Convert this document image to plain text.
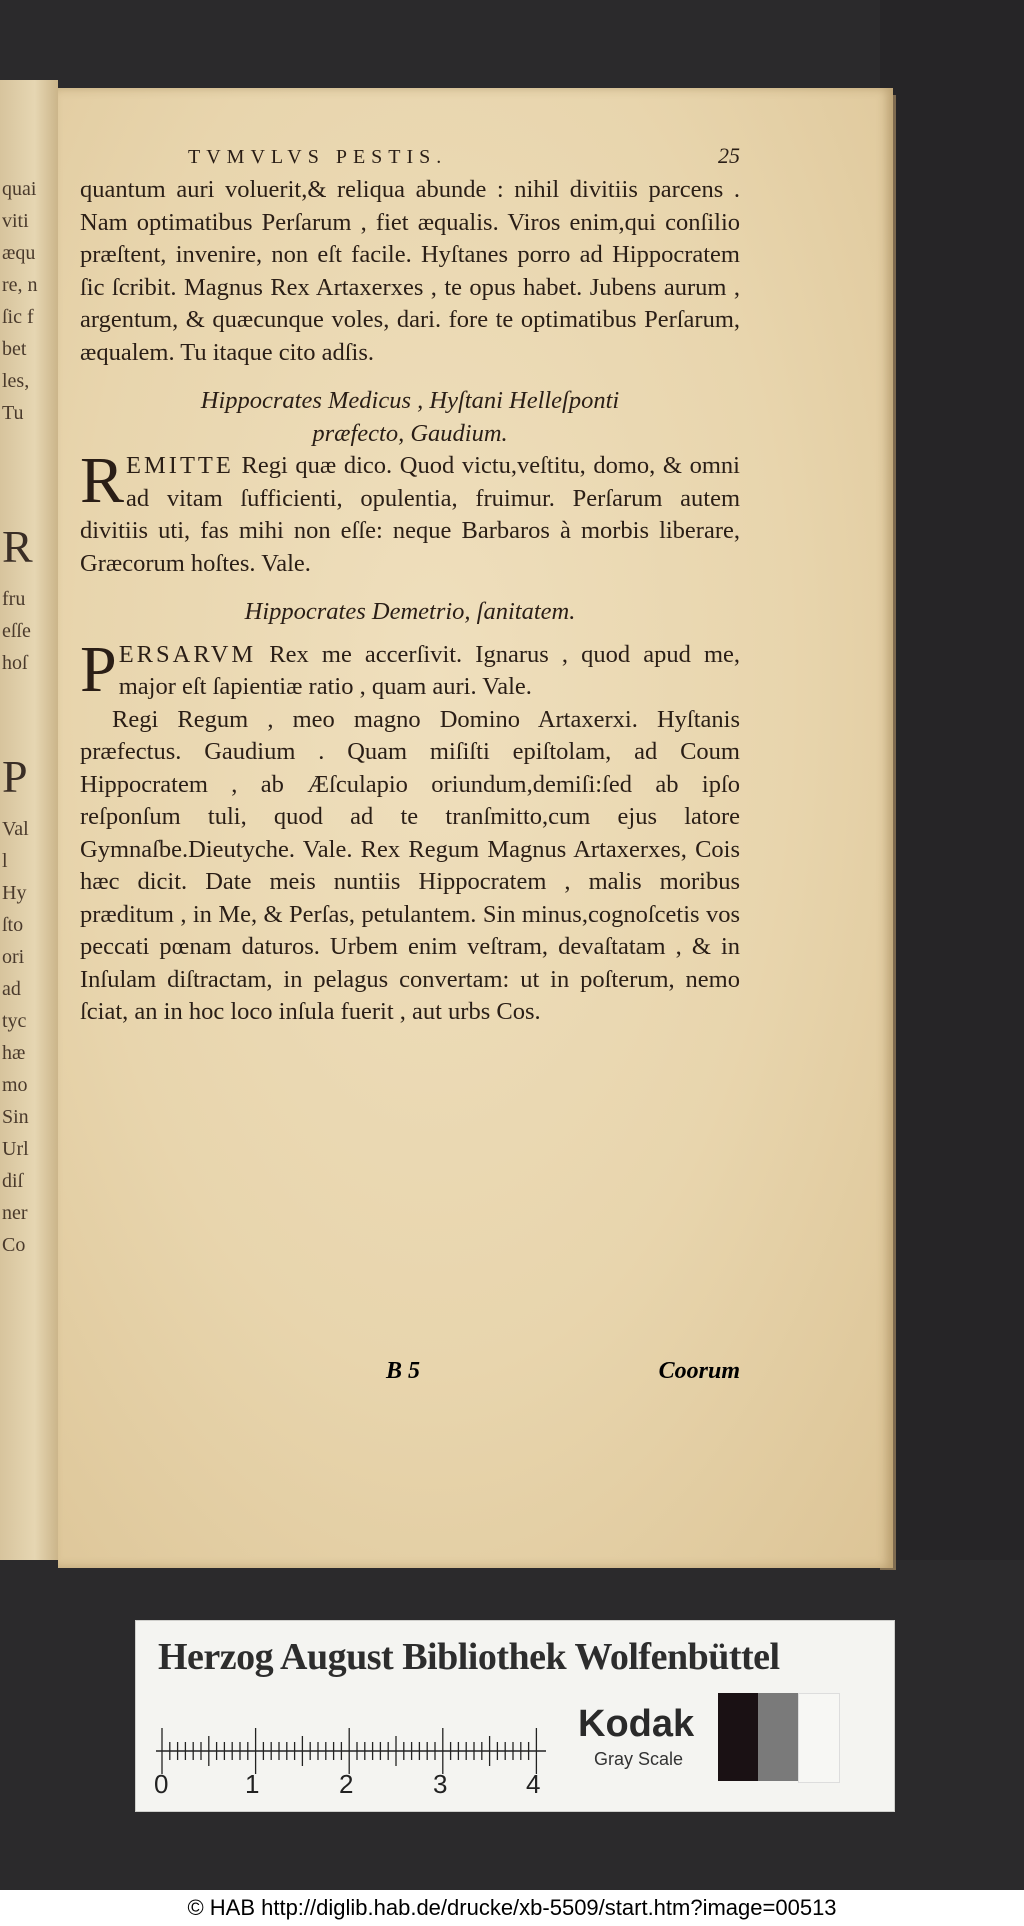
quai
viti
æqu
re, n
ſic f
bet
les,
Tu
R
fru
eſſe
hoſ
P
Val
l
Hy
ſto
ori
ad
tyc
hæ
mo
Sin
Url
diſ
ner
Co
TVMVLVS PESTIS.	25

quantum auri voluerit,& reliqua abunde : nihil divitiis parcens . Nam optimatibus Perſarum , fiet æqualis. Viros enim,qui conſilio præſtent, invenire, non eſt facile. Hyſtanes porro ad Hippocratem ſic ſcribit. Magnus Rex Artaxerxes , te opus habet. Jubens aurum , argentum, & quæcunque voles, dari. fore te optimatibus Perſarum, æqualem. Tu itaque cito adſis.

Hippocrates Medicus , Hyſtani Helleſponti
præfecto, Gaudium.

REMITTE Regi quæ dico. Quod victu,veſtitu, domo, & omni ad vitam ſufficienti, opulentia, fruimur. Perſarum autem divitiis uti, fas mihi non eſſe: neque Barbaros à morbis liberare, Græcorum hoſtes. Vale.

Hippocrates Demetrio, ſanitatem.

PERSARVM Rex me accerſivit. Ignarus , quod apud me, major eſt ſapientiæ ratio , quam auri. Vale.

Regi Regum , meo magno Domino Artaxerxi. Hyſtanis præfectus. Gaudium . Quam miſiſti epiſtolam, ad Coum Hippocratem , ab Æſculapio oriundum,demiſi:ſed ab ipſo reſponſum tuli, quod ad te tranſmitto,cum ejus latore Gymnaſbe.Dieutyche. Vale. Rex Regum Magnus Artaxerxes, Cois hæc dicit. Date meis nuntiis Hippocratem , malis moribus præditum , in Me, & Perſas, petulantem. Sin minus,cognoſcetis vos peccati pœnam daturos. Urbem enim veſtram, devaſtatam , & in Inſulam diſtractam, in pelagus convertam: ut in poſterum, nemo ſciat, an in hoc loco inſula fuerit , aut urbs Cos.

B 5	Coorum
Herzog August Bibliothek Wolfenbüttel
0	1	2	3	4
Kodak
Gray Scale
© HAB http://diglib.hab.de/drucke/xb-5509/start.htm?image=00513
